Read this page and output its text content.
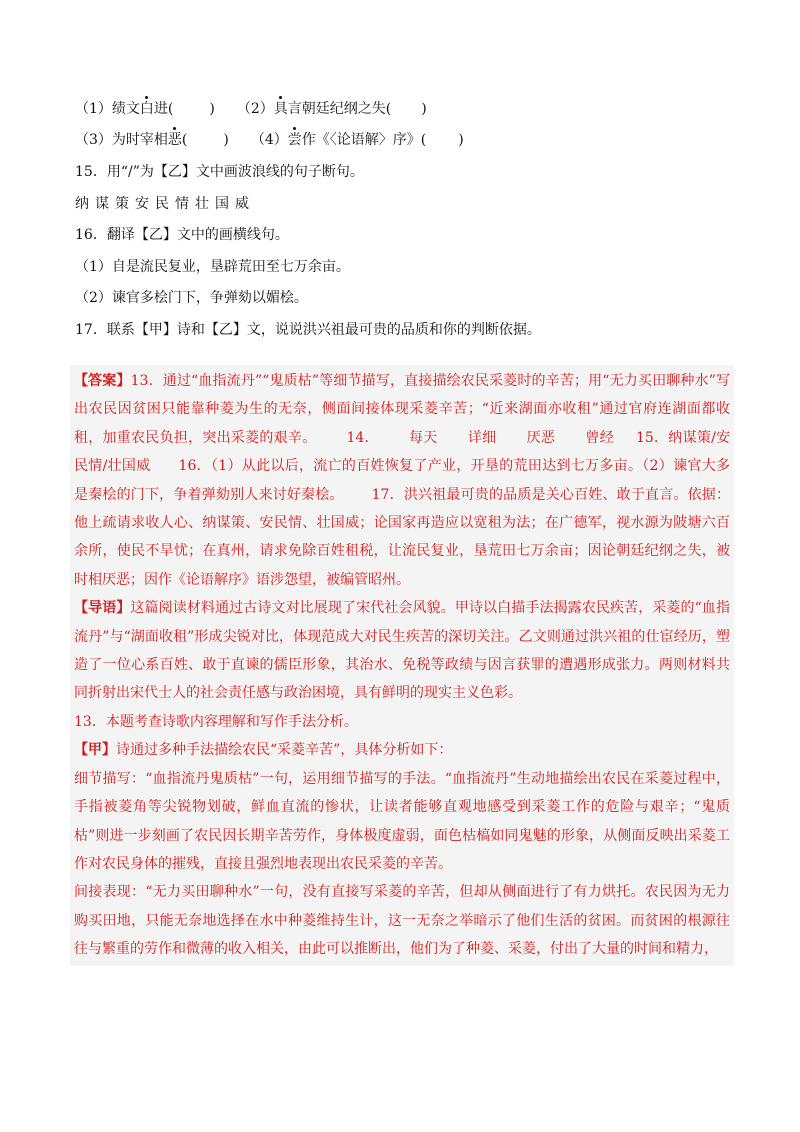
（1）绩文白进(	) （2）具言朝廷纪纲之失( )
（3）为时宰相恶(	) （4）尝作《〈论语解〉序》( )
15．用“/”为【乙】文中画波浪线的句子断句。
纳谋策安民情壮国威
16．翻译【乙】文中的画横线句。
（1）自是流民复业，垦辟荒田至七万余亩。
（2）谏官多桧门下，争弹劾以媚桧。
17．联系【甲】诗和【乙】文，说说洪兴祖最可贵的品质和你的判断依据。

【答案】13．通过“血指流丹”“鬼质枯”等细节描写，直接描绘农民采菱时的辛苦；用“无力买田聊种水”写出农民因贫困只能靠种菱为生的无奈，侧面间接体现采菱辛苦；“近来湖面亦收租”通过官府连湖面都收租，加重农民负担，突出采菱的艰辛。 14． 每天 详细 厌恶 曾经 15．纳谋策/安民情/壮国威 16．（1）从此以后，流亡的百姓恢复了产业，开垦的荒田达到七万多亩。（2）谏官大多是秦桧的门下，争着弹劾别人来讨好秦桧。 17．洪兴祖最可贵的品质是关心百姓、敢于直言。依据：他上疏请求收人心、纳谋策、安民情、壮国威；论国家再造应以宽租为法；在广德军，视水源为陂塘六百余所，使民不旱忧；在真州，请求免除百姓租税，让流民复业，垦荒田七万余亩；因论朝廷纪纲之失，被时相厌恶；因作《论语解序》语涉怨望，被编管昭州。

【导语】这篇阅读材料通过古诗文对比展现了宋代社会风貌。甲诗以白描手法揭露农民疾苦，采菱的“血指流丹”与“湖面收租”形成尖锐对比，体现范成大对民生疾苦的深切关注。乙文则通过洪兴祖的仕宦经历，塑造了一位心系百姓、敢于直谏的儒臣形象，其治水、免税等政绩与因言获罪的遭遇形成张力。两则材料共同折射出宋代士人的社会责任感与政治困境，具有鲜明的现实主义色彩。

13．本题考查诗歌内容理解和写作手法分析。

【甲】诗通过多种手法描绘农民“采菱辛苦”，具体分析如下：

细节描写：“血指流丹鬼质枯”一句，运用细节描写的手法。“血指流丹”生动地描绘出农民在采菱过程中，手指被菱角等尖锐物划破，鲜血直流的惨状，让读者能够直观地感受到采菱工作的危险与艰辛；“鬼质枯”则进一步刻画了农民因长期辛苦劳作，身体极度虚弱，面色枯槁如同鬼魅的形象，从侧面反映出采菱工作对农民身体的摧残，直接且强烈地表现出农民采菱的辛苦。

间接表现：“无力买田聊种水”一句，没有直接写采菱的辛苦，但却从侧面进行了有力烘托。农民因为无力购买田地，只能无奈地选择在水中种菱维持生计，这一无奈之举暗示了他们生活的贫困。而贫困的根源往往与繁重的劳作和微薄的收入相关，由此可以推断出，他们为了种菱、采菱，付出了大量的时间和精力，
